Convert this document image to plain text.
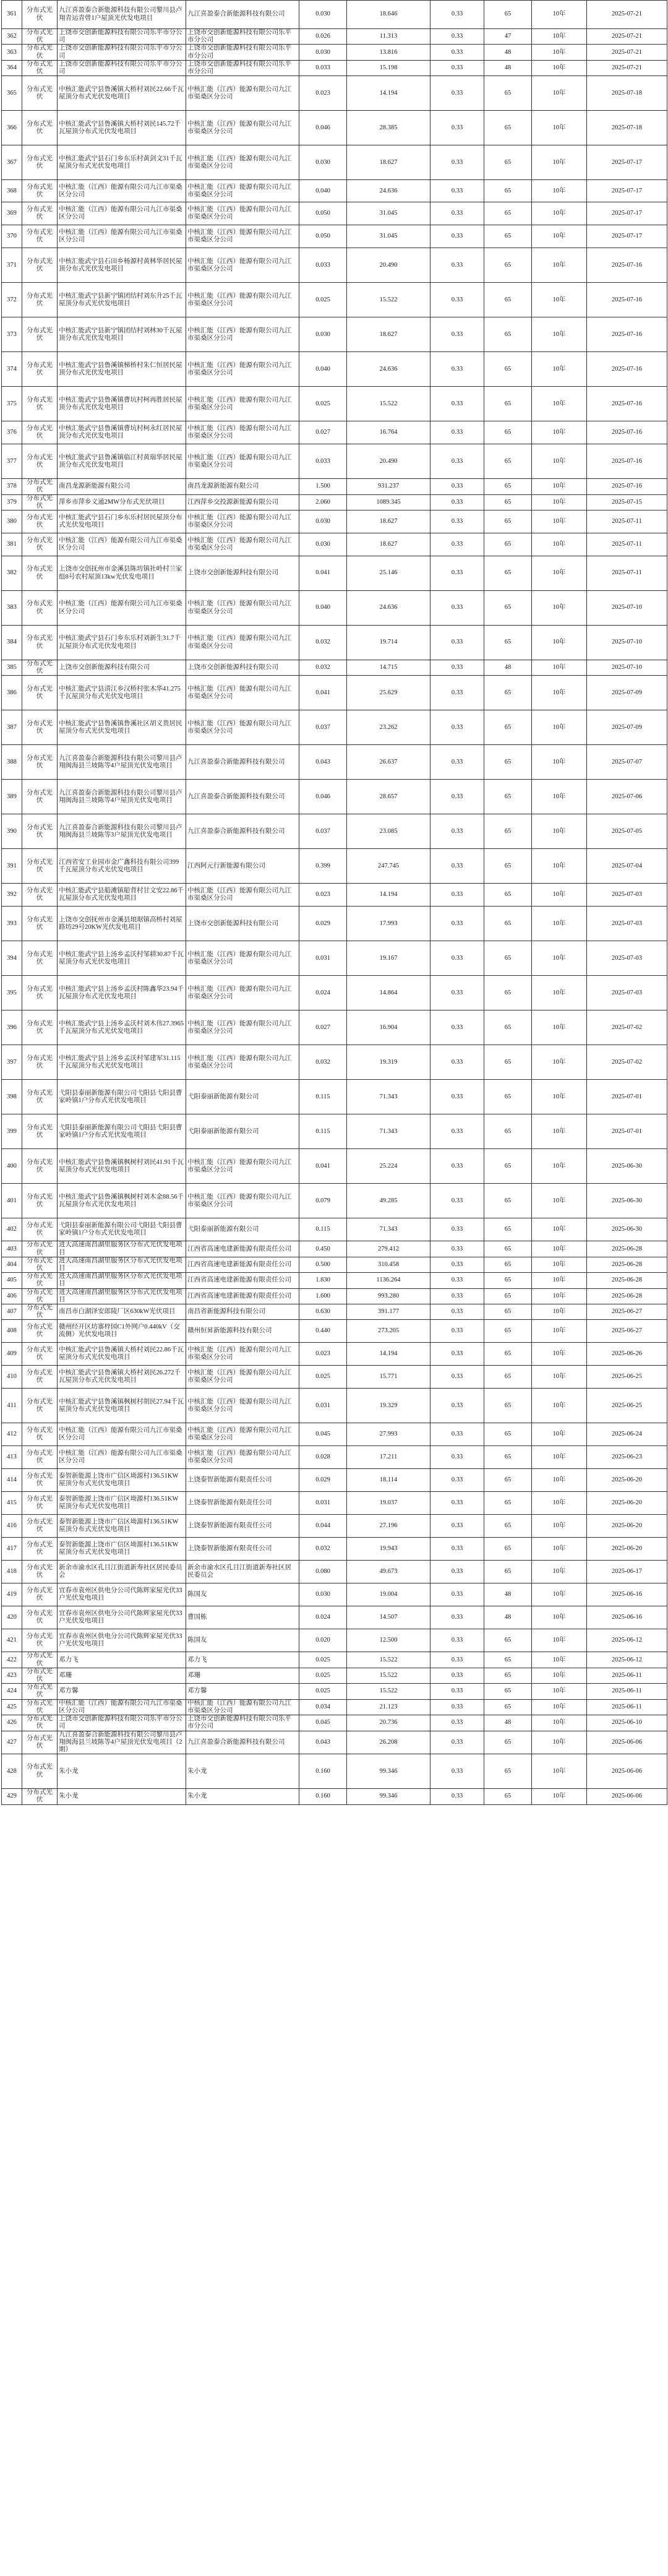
361	分布式光伏	九江喜盈泰合新能源科技有限公司黎川县卢翔青运青曾1户屋顶光伏发电项目	九江喜盈泰合新能源科技有限公司	0.030	18.646	0.33	65	10年	2025-07-21
362	分布式光伏	上饶市交创新能源科技有限公司乐平市分公司	上饶市交创新能源科技有限公司乐平市分公司	0.026	11.313	0.33	47	10年	2025-07-21
363	分布式光伏	上饶市交创新能源科技有限公司乐平市分公司	上饶市交创新能源科技有限公司乐平市分公司	0.030	13.816	0.33	48	10年	2025-07-21
364	分布式光伏	上饶市交创新能源科技有限公司乐平市分公司	上饶市交创新能源科技有限公司乐平市分公司	0.033	15.198	0.33	48	10年	2025-07-21
365	分布式光伏	中核汇能武宁县鲁溪镇大桥村刘民22.66千瓦屋顶分布式光伏发电项目	中核汇能（江西）能源有限公司九江市渠桑区分公司	0.023	14.194	0.33	65	10年	2025-07-18
366	分布式光伏	中核汇能武宁县鲁溪镇大桥村刘民145.72千瓦屋顶分布式光伏发电项目	中核汇能（江西）能源有限公司九江市渠桑区分公司	0.046	28.385	0.33	65	10年	2025-07-18
367	分布式光伏	中核汇能武宁县石门乡东乐村黄剑文31千瓦屋顶分布式光伏发电项目	中核汇能（江西）能源有限公司九江市渠桑区分公司	0.030	18.627	0.33	65	10年	2025-07-17
368	分布式光伏	中核汇能（江西）能源有限公司九江市渠桑区分公司	中核汇能（江西）能源有限公司九江市渠桑区分公司	0.040	24.636	0.33	65	10年	2025-07-17
369	分布式光伏	中核汇能（江西）能源有限公司九江市渠桑区分公司	中核汇能（江西）能源有限公司九江市渠桑区分公司	0.050	31.045	0.33	65	10年	2025-07-17
370	分布式光伏	中核汇能（江西）能源有限公司九江市渠桑区分公司	中核汇能（江西）能源有限公司九江市渠桑区分公司	0.050	31.045	0.33	65	10年	2025-07-17
371	分布式光伏	中核汇能武宁县石田乡杨源村黄林华居民屋顶分布式光伏发电项目	中核汇能（江西）能源有限公司九江市渠桑区分公司	0.033	20.490	0.33	65	10年	2025-07-16
372	分布式光伏	中核汇能武宁县新宁镇团结村刘东升25千瓦屋顶分布式光伏发电项目	中核汇能（江西）能源有限公司九江市渠桑区分公司	0.025	15.522	0.33	65	10年	2025-07-16
373	分布式光伏	中核汇能武宁县新宁镇团结村刘林30千瓦屋顶分布式光伏发电项目	中核汇能（江西）能源有限公司九江市渠桑区分公司	0.030	18.627	0.33	65	10年	2025-07-16
374	分布式光伏	中核汇能武宁县鲁溪镇梯桥村朱仁恒居民屋顶分布式光伏发电项目	中核汇能（江西）能源有限公司九江市渠桑区分公司	0.040	24.636	0.33	65	10年	2025-07-16
375	分布式光伏	中核汇能武宁县鲁溪镇曹坑村柯再胜居民屋顶分布式光伏发电项目	中核汇能（江西）能源有限公司九江市渠桑区分公司	0.025	15.522	0.33	65	10年	2025-07-16
376	分布式光伏	中核汇能武宁县鲁溪镇曹坑村柯永红居民屋顶分布式光伏发电项目	中核汇能（江西）能源有限公司九江市渠桑区分公司	0.027	16.764	0.33	65	10年	2025-07-16
377	分布式光伏	中核汇能武宁县鲁溪镇临江村黄瑞华居民屋顶分布式光伏发电项目	中核汇能（江西）能源有限公司九江市渠桑区分公司	0.033	20.490	0.33	65	10年	2025-07-16
378	分布式光伏	南昌龙源新能源有限公司	南昌龙源新能源有限公司	1.500	931.237	0.33	65	10年	2025-07-16
379	分布式光伏	萍乡市萍乡义通2MW分布式光伏项目	江西萍乡交投源新能源有限公司	2.060	1089.345	0.33	65	10年	2025-07-15
380	分布式光伏	中核汇能武宁县石门乡东乐村居民屋顶分布式光伏发电项目	中核汇能（江西）能源有限公司九江市渠桑区分公司	0.030	18.627	0.33	65	10年	2025-07-11
381	分布式光伏	中核汇能（江西）能源有限公司九江市渠桑区分公司	中核汇能（江西）能源有限公司九江市渠桑区分公司	0.030	18.627	0.33	65	10年	2025-07-11
382	分布式光伏	上饶市交创抚州市金溪县陈坊镇社岭村兰家组8号农村屋顶13kw光伏发电项目	上饶市交创新能源科技有限公司	0.041	25.146	0.33	65	10年	2025-07-11
383	分布式光伏	中核汇能（江西）能源有限公司九江市渠桑区分公司	中核汇能（江西）能源有限公司九江市渠桑区分公司	0.040	24.636	0.33	65	10年	2025-07-10
384	分布式光伏	中核汇能武宁县石门乡东乐村刘新生31.7千瓦屋顶分布式光伏发电项目	中核汇能（江西）能源有限公司九江市渠桑区分公司	0.032	19.714	0.33	65	10年	2025-07-10
385	分布式光伏	上饶市交创新能源科技有限公司	上饶市交创新能源科技有限公司	0.032	14.715	0.33	48	10年	2025-07-10
386	分布式光伏	中核汇能武宁县清江乡汉桥村张木华41.275千瓦屋顶分布式光伏发电项目	中核汇能（江西）能源有限公司九江市渠桑区分公司	0.041	25.629	0.33	65	10年	2025-07-09
387	分布式光伏	中核汇能武宁县鲁溪镇鲁溪社区胡义贵居民屋顶分布式光伏发电项目	中核汇能（江西）能源有限公司九江市渠桑区分公司	0.037	23.262	0.33	65	10年	2025-07-09
388	分布式光伏	九江喜盈泰合新能源科技有限公司黎川县卢翔闽海县兰坡陈等4户屋顶光伏发电项目	九江喜盈泰合新能源科技有限公司	0.043	26.637	0.33	65	10年	2025-07-07
389	分布式光伏	九江喜盈泰合新能源科技有限公司黎川县卢翔闽海县兰坡陈等4户屋顶光伏发电项目	九江喜盈泰合新能源科技有限公司	0.046	28.657	0.33	65	10年	2025-07-06
390	分布式光伏	九江喜盈泰合新能源科技有限公司黎川县卢翔闽海县兰坡陈等3户屋顶光伏发电项目	九江喜盈泰合新能源科技有限公司	0.037	23.085	0.33	65	10年	2025-07-05
391	分布式光伏	江西省安工业园市金广鑫科技有限公司399千瓦屋顶分布式光伏发电项目	江西阿元行新能源有限公司	0.399	247.745	0.33	65	10年	2025-07-04
392	分布式光伏	中核汇能武宁县船滩镇船背村甘文安22.86千瓦屋顶分布式光伏发电项目	中核汇能（江西）能源有限公司九江市渠桑区分公司	0.023	14.194	0.33	65	10年	2025-07-03
393	分布式光伏	上饶市交创抚州市金溪县琅琚镇高桥村刘屋路坊29号20KW光伏发电项目	上饶市交创新能源科技有限公司	0.029	17.993	0.33	65	10年	2025-07-03
394	分布式光伏	中核汇能武宁县上汤乡孟沃村邹耕30.87千瓦屋顶分布式光伏发电项目	中核汇能（江西）能源有限公司九江市渠桑区分公司	0.031	19.167	0.33	65	10年	2025-07-03
395	分布式光伏	中核汇能武宁县上汤乡孟沃村陈鑫华23.94千瓦屋顶分布式光伏发电项目	中核汇能（江西）能源有限公司九江市渠桑区分公司	0.024	14.864	0.33	65	10年	2025-07-03
396	分布式光伏	中核汇能武宁县上汤乡孟沃村刘木伟27.3965千瓦屋顶分布式光伏发电项目	中核汇能（江西）能源有限公司九江市渠桑区分公司	0.027	16.904	0.33	65	10年	2025-07-02
397	分布式光伏	中核汇能武宁县上汤乡孟沃村邹建军31.115千瓦屋顶分布式光伏发电项目	中核汇能（江西）能源有限公司九江市渠桑区分公司	0.032	19.319	0.33	65	10年	2025-07-02
398	分布式光伏	弋阳县泰丽新能源有限公司弋阳县弋阳县曹家岭镇1户分布式光伏发电项目	弋阳泰丽新能源有限公司	0.115	71.343	0.33	65	10年	2025-07-01
399	分布式光伏	弋阳县泰丽新能源有限公司弋阳县弋阳县曹家岭镇1户分布式光伏发电项目	弋阳泰丽新能源有限公司	0.115	71.343	0.33	65	10年	2025-07-01
400	分布式光伏	中核汇能武宁县鲁溪镇枫树村刘民41.91千瓦屋顶分布式光伏发电项目	中核汇能（江西）能源有限公司九江市渠桑区分公司	0.041	25.224	0.33	65	10年	2025-06-30
401	分布式光伏	中核汇能武宁县鲁溪镇枫树村刘木金88.56千瓦屋顶分布式光伏发电项目	中核汇能（江西）能源有限公司九江市渠桑区分公司	0.079	49.285	0.33	65	10年	2025-06-30
402	分布式光伏	弋阳县泰丽新能源有限公司弋阳县弋阳县曹家岭镇1户分布式光伏发电项目	弋阳泰丽新能源有限公司	0.115	71.343	0.33	65	10年	2025-06-30
403	分布式光伏	进大高速南昌湖里服务区分布式光伏发电项目	江西省高速电建新能源有限责任公司	0.450	279.412	0.33	65	10年	2025-06-28
404	分布式光伏	进大高速南昌湖里服务区分布式光伏发电项目	江西省高速电建新能源有限责任公司	0.500	310.458	0.33	65	10年	2025-06-28
405	分布式光伏	进大高速南昌湖里服务区分布式光伏发电项目	江西省高速电建新能源有限责任公司	1.830	1136.264	0.33	65	10年	2025-06-28
406	分布式光伏	进大高速南昌湖里服务区分布式光伏发电项目	江西省高速电建新能源有限责任公司	1.600	993.280	0.33	65	10年	2025-06-28
407	分布式光伏	南昌市白湖泽安郎陵厂区630kW光伏项目	南昌省新能源科技有限公司	0.630	391.177	0.33	65	10年	2025-06-27
408	分布式光伏	赣州经开区坊寨梓园C1外网户0.440kV（交流侧）光伏发电项目	赣州恒昇新能源科技有限公司	0.440	273.205	0.33	65	10年	2025-06-27
409	分布式光伏	中核汇能武宁县鲁溪镇大桥村刘民22.86千瓦屋顶分布式光伏发电项目	中核汇能（江西）能源有限公司九江市渠桑区分公司	0.023	14.194	0.33	65	10年	2025-06-26
410	分布式光伏	中核汇能武宁县鲁溪镇大桥村刘民26.272千瓦屋顶分布式光伏发电项目	中核汇能（江西）能源有限公司九江市渠桑区分公司	0.025	15.771	0.33	65	10年	2025-06-25
411	分布式光伏	中核汇能武宁县鲁溪镇枫树村胡民27.94千瓦屋顶分布式光伏发电项目	中核汇能（江西）能源有限公司九江市渠桑区分公司	0.031	19.329	0.33	65	10年	2025-06-25
412	分布式光伏	中核汇能（江西）能源有限公司九江市渠桑区分公司	中核汇能（江西）能源有限公司九江市渠桑区分公司	0.045	27.993	0.33	65	10年	2025-06-24
413	分布式光伏	中核汇能（江西）能源有限公司九江市渠桑区分公司	中核汇能（江西）能源有限公司九江市渠桑区分公司	0.028	17.211	0.33	65	10年	2025-06-23
414	分布式光伏	泰智新能源上饶市广信区坳源村136.51KW屋顶分布式光伏发电项目	上饶泰智新能源有限责任公司	0.029	18.114	0.33	65	10年	2025-06-20
415	分布式光伏	泰智新能源上饶市广信区坳源村136.51KW屋顶分布式光伏发电项目	上饶泰智新能源有限责任公司	0.031	19.037	0.33	65	10年	2025-06-20
416	分布式光伏	泰智新能源上饶市广信区坳源村136.51KW屋顶分布式光伏发电项目	上饶泰智新能源有限责任公司	0.044	27.196	0.33	65	10年	2025-06-20
417	分布式光伏	泰智新能源上饶市广信区坳源村136.51KW屋顶分布式光伏发电项目	上饶泰智新能源有限责任公司	0.032	19.943	0.33	65	10年	2025-06-20
418	分布式光伏	新余市渝水区孔目江街道新寿社区居民委员会	新余市渝水区孔目江街道新寿社区居民委员会	0.080	49.673	0.33	65	10年	2025-06-17
419	分布式光伏	宜春市袁州区供电分公司代陈辉家屋光伏33户光伏发电项目	陈国友	0.030	19.004	0.33	48	10年	2025-06-16
420	分布式光伏	宜春市袁州区供电分公司代陈辉家屋光伏33户光伏发电项目	曹国栋	0.024	14.507	0.33	48	10年	2025-06-16
421	分布式光伏	宜春市袁州区供电分公司代陈辉家屋光伏33户光伏发电项目	陈国友	0.020	12.500	0.33	65	10年	2025-06-12
422	分布式光伏	邓力飞	邓力飞	0.025	15.522	0.33	65	10年	2025-06-12
423	分布式光伏	邓珊	邓珊	0.025	15.522	0.33	65	10年	2025-06-11
424	分布式光伏	邓方馨	邓方馨	0.025	15.522	0.33	65	10年	2025-06-11
425	分布式光伏	中核汇能（江西）能源有限公司九江市渠桑区分公司	中核汇能（江西）能源有限公司九江市渠桑区分公司	0.034	21.123	0.33	65	10年	2025-06-11
426	分布式光伏	上饶市交创新能源科技有限公司乐平市分公司	上饶市交创新能源科技有限公司乐平市分公司	0.045	20.736	0.33	48	10年	2025-06-10
427	分布式光伏	九江喜盈泰合新能源科技有限公司黎川县卢翔闽海县兰坡陈等4户屋顶光伏发电项目（2期）	九江喜盈泰合新能源科技有限公司	0.043	26.208	0.33	65	10年	2025-06-06
428	分布式光伏	朱小龙	朱小龙	0.160	99.346	0.33	65	10年	2025-06-06
429	分布式光伏	朱小龙	朱小龙	0.160	99.346	0.33	65	10年	2025-06-06
